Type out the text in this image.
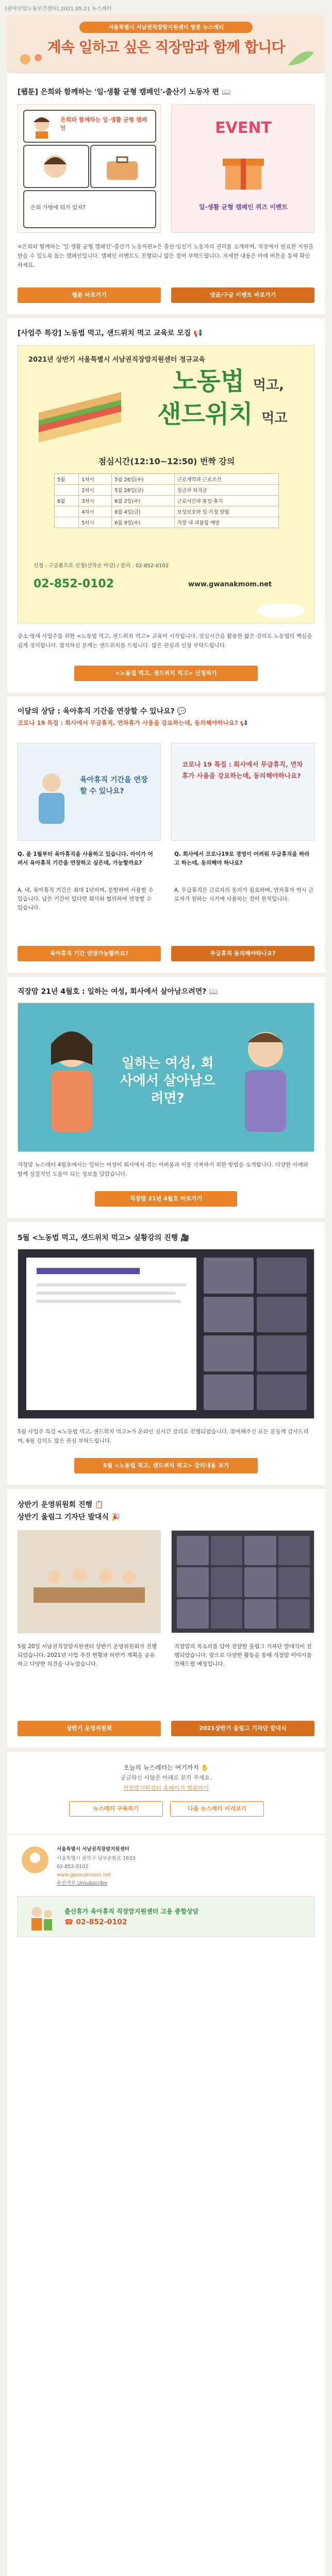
[관악산업노동보건센터] 2021.05.21 뉴스레터
서울특별시 서남권직장맘지원센터 방문 뉴스레터
계속 일하고 싶은 직장맘과 함께 합니다
[웹툰] 은희와 함께하는 '일·생활 균형 캠페인'-출산기 노동자 편 📖
은희와 함께하는 일·생활 균형 캠페인
은희 가방에 뭐가 있지?
EVENT
일·생활 균형 캠페인 퀴즈 이벤트
<은희와 함께하는 '일·생활 균형 캠페인'-출산기 노동자편>은 출산·임신기 노동자의 권리를 소개하며, 직장에서 필요한 지원을 받을 수 있도록 돕는 캠페인입니다. 캠페인 이벤트도 진행되니 많은 참여 부탁드립니다. 자세한 내용은 아래 버튼을 통해 확인하세요.
웹툰 바로가기	댓글/구글 이벤트 바로가기
[사업주 특강] 노동법 먹고, 샌드위치 먹고 교육로 모집 📢
2021년 상반기 서울특별시 서남권직장맘지원센터 정규교육
노동법 먹고,
샌드위치 먹고
점심시간(12:10~12:50) 번짝 강의
5월	1차시	5월 26일(수)	근로계약과 근로조건
	2차시	5월 28일(금)	임금과 퇴직금
6월	3차시	6월 2일(수)	근로시간과 휴일·휴가
	4차시	6월 4일(금)	모성보호와 일·가정 양립
	5차시	6월 9일(수)	직장 내 괴롭힘 예방
신청 : 구글폼으로 신청(선착순 마감) / 문의 : 02-852-0102
02-852-0102	www.gwanakmom.net
중소·영세 사업주를 위한 <노동법 먹고, 샌드위치 먹고> 교육이 시작됩니다. 점심시간을 활용한 짧은 강의로 노동법의 핵심을 쉽게 정리합니다. 참석하신 분께는 샌드위치를 드립니다. 많은 관심과 신청 부탁드립니다.
<노동법 먹고, 샌드위치 먹고> 신청하기
이달의 상담 : 육아휴직 기간을 연장할 수 있나요? 💬
코로나 19 특집 : 회사에서 무급휴직, 연차휴가 사용을 강요하는데, 동의해야하나요? 📢
육아휴직 기간을 연장할 수 있나요?
코로나 19 특집 : 회사에서 무급휴직, 연차휴가 사용을 강요하는데, 동의해야하나요?
Q. 올 1월부터 육아휴직을 사용하고 있습니다. 아이가 어려서 육아휴직 기간을 연장하고 싶은데, 가능할까요?
A. 네, 육아휴직 기간은 최대 1년이며, 분할하여 사용할 수 있습니다. 남은 기간이 있다면 회사와 협의하여 연장할 수 있습니다.
Q. 회사에서 코로나19로 경영이 어려워 무급휴직을 하라고 하는데, 동의해야 하나요?
A. 무급휴직은 근로자의 동의가 필요하며, 연차휴가 역시 근로자가 원하는 시기에 사용하는 것이 원칙입니다.
육아휴직 기간 연장가능할까요?	무급휴직 동의해야하나요?
직장맘 21년 4월호 : 일하는 여성, 회사에서 살아남으려면? 📖
일하는 여성, 회사에서 살아남으려면?
직장맘 뉴스레터 4월호에서는 일하는 여성이 회사에서 겪는 어려움과 이를 극복하기 위한 방법을 소개합니다. 다양한 사례와 함께 실질적인 도움이 되는 정보를 담았습니다.
직장맘 21년 4월호 바로가기
5월 <노동법 먹고, 샌드위치 먹고> 실황강의 진행 🎥
5월 사업주 특강 <노동법 먹고, 샌드위치 먹고>가 온라인 실시간 강의로 진행되었습니다. 참여해주신 모든 분들께 감사드리며, 6월 강의도 많은 관심 부탁드립니다.
5월 <노동법 먹고, 샌드위치 먹고> 강의내용 보기
상반기 운영위원회 진행 📋
상반기 울림그 기자단 발대식 🎉
5월 20일 서남권직장맘지원센터 상반기 운영위원회가 진행되었습니다. 2021년 사업 추진 현황과 하반기 계획을 공유하고 다양한 의견을 나누었습니다.
직장맘의 목소리를 담아 전달할 울림그 기자단 발대식이 진행되었습니다. 앞으로 다양한 활동을 통해 직장맘 이야기를 전해드릴 예정입니다.
상반기 운영위원회	2021상반기 울림그 기자단 발대식
오늘의 뉴스레터는 여기까지 ✋
궁금하신 사항은 아래로 문의 주세요.
직장맘지원센터 홈페이지 방문하기
뉴스레터 구독하기	다음 뉴스레터 미리보기
서울특별시 서남권직장맘지원센터
서울특별시 관악구 남부순환로 1633
02-852-0102
www.gwanakmom.net
수신거부 Unsubscribe
출산휴가 육아휴직 직장맘지원센터 고용 종합상담
☎ 02-852-0102
